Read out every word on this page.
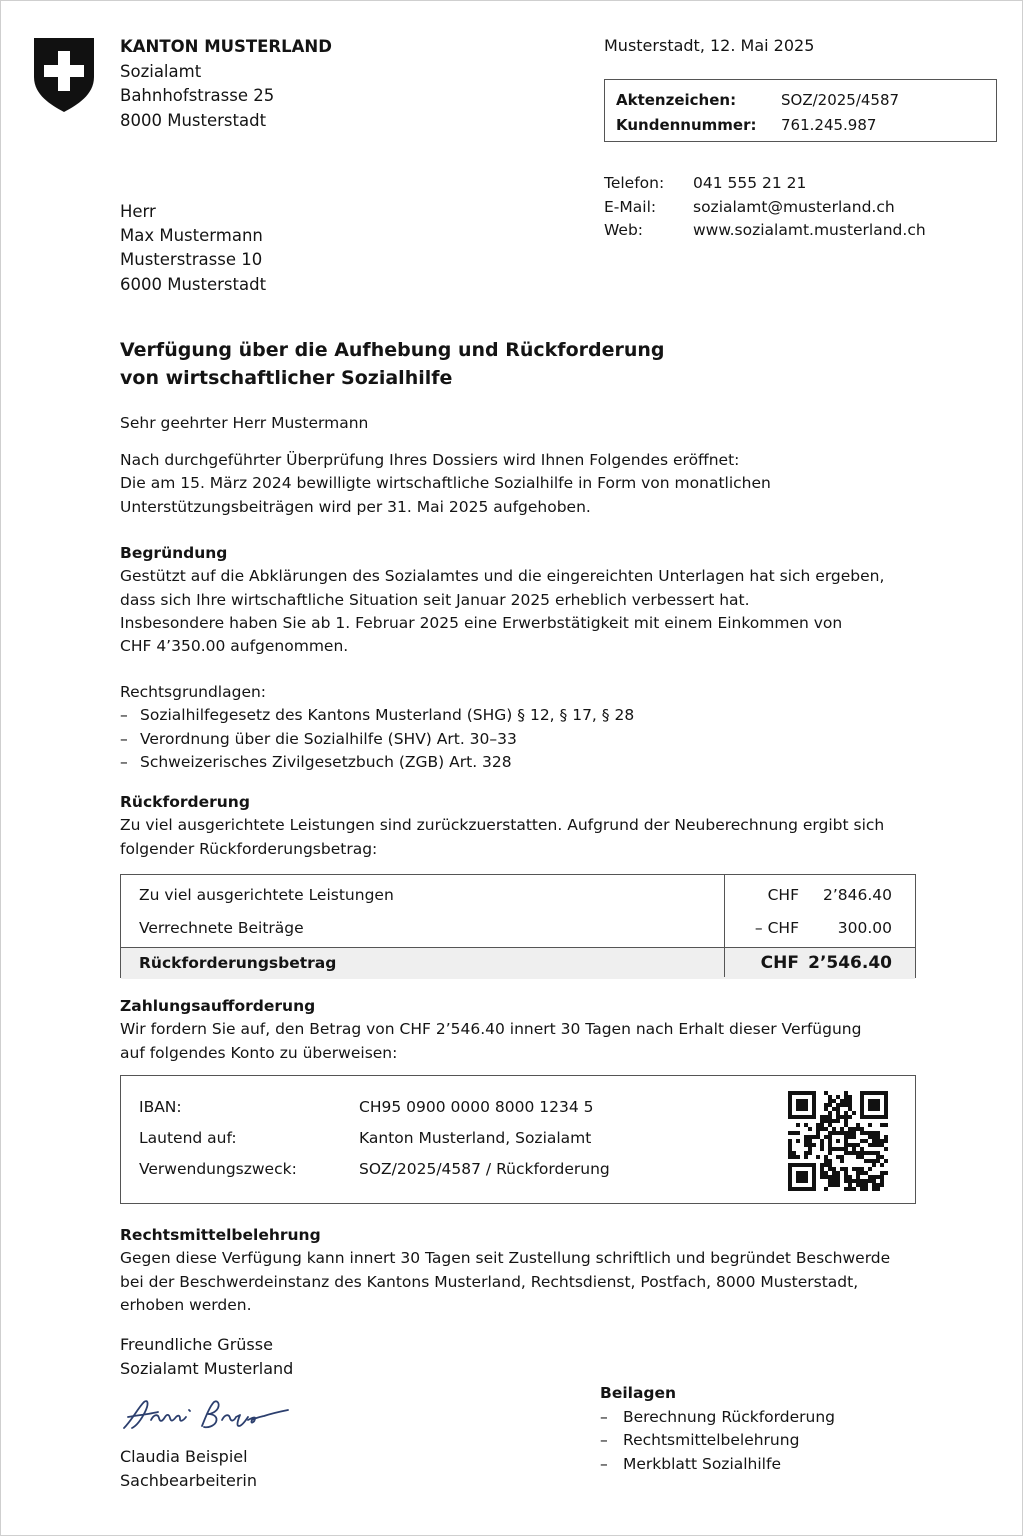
KANTON MUSTERLAND
Sozialamt
Bahnhofstrasse 25
8000 Musterstadt
Musterstadt, 12. Mai 2025
Aktenzeichen:	SOZ/2025/4587
Kundennummer:	761.245.987
Telefon:	041 555 21 21
E-Mail:	sozialamt@musterland.ch
Web:	www.sozialamt.musterland.ch
Herr
Max Mustermann
Musterstrasse 10
6000 Musterstadt
Verfügung über die Aufhebung und Rückforderung
von wirtschaftlicher Sozialhilfe
Sehr geehrter Herr Mustermann
Nach durchgeführter Überprüfung Ihres Dossiers wird Ihnen Folgendes eröffnet:
Die am 15. März 2024 bewilligte wirtschaftliche Sozialhilfe in Form von monatlichen
Unterstützungsbeiträgen wird per 31. Mai 2025 aufgehoben.
Begründung
Gestützt auf die Abklärungen des Sozialamtes und die eingereichten Unterlagen hat sich ergeben,
dass sich Ihre wirtschaftliche Situation seit Januar 2025 erheblich verbessert hat.
Insbesondere haben Sie ab 1. Februar 2025 eine Erwerbstätigkeit mit einem Einkommen von
CHF 4’350.00 aufgenommen.
Rechtsgrundlagen:
– Sozialhilfegesetz des Kantons Musterland (SHG) § 12, § 17, § 28
– Verordnung über die Sozialhilfe (SHV) Art. 30–33
– Schweizerisches Zivilgesetzbuch (ZGB) Art. 328
Rückforderung
Zu viel ausgerichtete Leistungen sind zurückzuerstatten. Aufgrund der Neuberechnung ergibt sich
folgender Rückforderungsbetrag:
Zu viel ausgerichtete Leistungen	CHF 2’846.40
Verrechnete Beiträge	– CHF	300.00
Rückforderungsbetrag	CHF 2’546.40
Zahlungsaufforderung
Wir fordern Sie auf, den Betrag von CHF 2’546.40 innert 30 Tagen nach Erhalt dieser Verfügung
auf folgendes Konto zu überweisen:
IBAN:	CH95 0900 0000 8000 1234 5
Lautend auf:	Kanton Musterland, Sozialamt
Verwendungszweck:	SOZ/2025/4587 / Rückforderung
Rechtsmittelbelehrung
Gegen diese Verfügung kann innert 30 Tagen seit Zustellung schriftlich und begründet Beschwerde
bei der Beschwerdeinstanz des Kantons Musterland, Rechtsdienst, Postfach, 8000 Musterstadt,
erhoben werden.
Freundliche Grüsse
Sozialamt Musterland
Claudia Beispiel
Sachbearbeiterin
Beilagen
– Berechnung Rückforderung
– Rechtsmittelbelehrung
– Merkblatt Sozialhilfe
